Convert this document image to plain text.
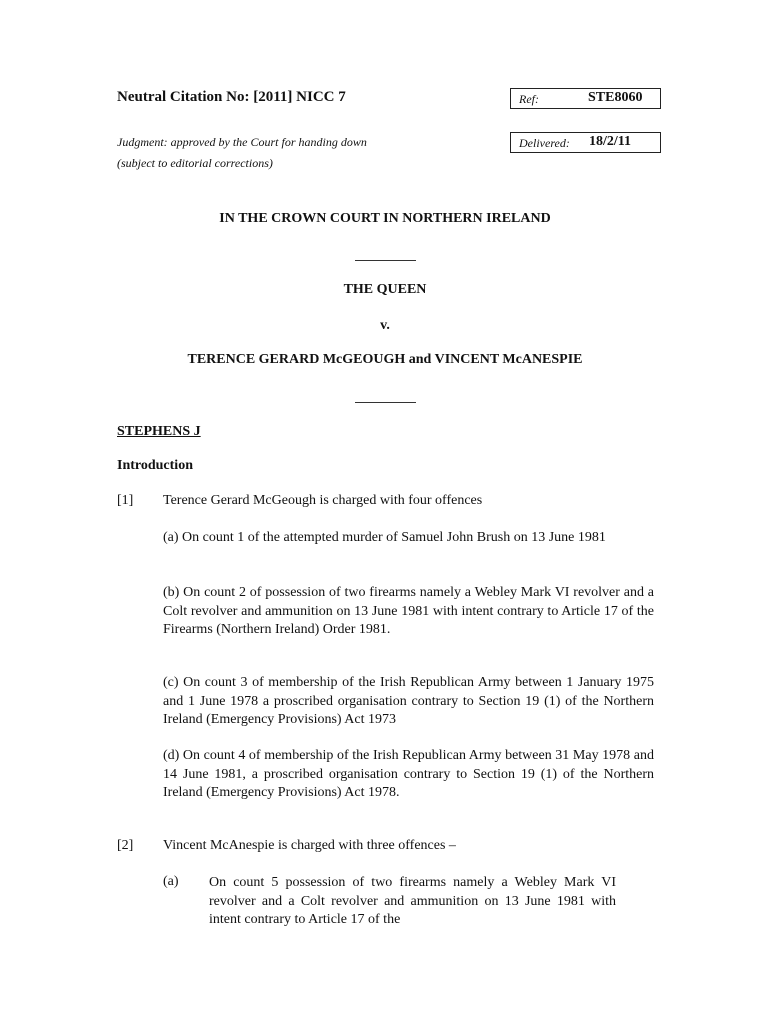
Neutral Citation No: [2011] NICC 7
Judgment: approved by the Court for handing down
(subject to editorial corrections)
Ref:	STE8060
Delivered: 18/2/11
IN THE CROWN COURT IN NORTHERN IRELAND
THE QUEEN
v.
TERENCE GERARD McGEOUGH and VINCENT McANESPIE
STEPHENS J
Introduction
[1] Terence Gerard McGeough is charged with four offences
(a) On count 1 of the attempted murder of Samuel John Brush on 13 June 1981
(b) On count 2 of possession of two firearms namely a Webley Mark VI revolver and a Colt revolver and ammunition on 13 June 1981 with intent contrary to Article 17 of the Firearms (Northern Ireland) Order 1981.
(c) On count 3 of membership of the Irish Republican Army between 1 January 1975 and 1 June 1978 a proscribed organisation contrary to Section 19 (1) of the Northern Ireland (Emergency Provisions) Act 1973
(d) On count 4 of membership of the Irish Republican Army between 31 May 1978 and 14 June 1981, a proscribed organisation contrary to Section 19 (1) of the Northern Ireland (Emergency Provisions) Act 1978.
[2] Vincent McAnespie is charged with three offences –
(a) On count 5 possession of two firearms namely a Webley Mark VI revolver and a Colt revolver and ammunition on 13 June 1981 with intent contrary to Article 17 of the
